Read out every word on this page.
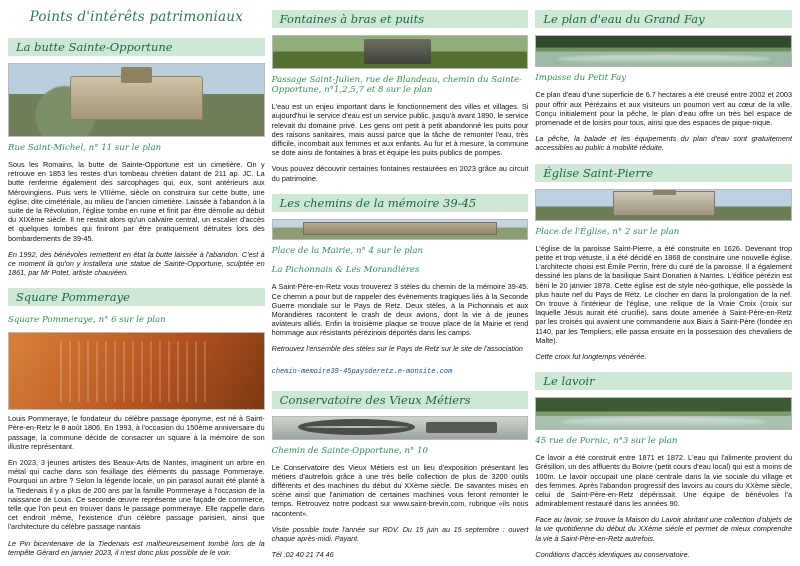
Points d'intérêts patrimoniaux
La butte Sainte-Opportune
Rue Saint-Michel, n° 11 sur le plan

Sous les Romains, la butte de Sainte-Opportune est un cimetière. On y retrouve en 1853 les restes d'un tombeau chrétien datant de 211 ap. JC. La butte renferme également des sarcophages qui, eux, sont antérieurs aux Mérovingiens. Puis vers le VIIIème, siècle on construira sur cette butte, une église, dite cimétériale, au milieu de l'ancien cimetière. Laissée à l'abandon à la suite de la Révolution, l'église tombe en ruine et finit par être démolie au début du XIXème siècle. Il ne restait alors qu'un calvaire central, un escalier d'accès et quelques tombes qui finiront par être pratiquement détruites lors des bombardements de 39-45.

En 1992, des bénévoles remettent en état la butte laissée à l'abandon. C'est à ce moment là qu'on y installera une statue de Sainte-Opportune, sculptée en 1861, par Mr Potet, artiste chauvéen.

Square Pommeraye
Square Pommeraye, n° 6 sur le plan

Louis Pommeraye, le fondateur du célèbre passage éponyme, est né à Saint-Père-en-Retz le 8 août 1806. En 1993, à l'occasion du 150ème anniversaire du passage, la commune décide de consacrer un square à la mémoire de son illustre représentant.

En 2023, 3 jeunes artistes des Beaux-Arts de Nantes, imaginent un arbre en métal qui cache dans son feuillage des éléments du passage Pommeraye. Pourquoi un arbre ? Selon la légende locale, un pin parasol aurait été planté à la Tiedenais il y a plus de 200 ans par la famille Pommeraye à l'occasion de la naissance de Louis. Ce seconde œuvre représente une façade de commerce, telle que l'on peut en trouver dans le passage pommeraye. Elle rappelle dans cet endroit même, l'existence d'un célèbre passage parisien, ainsi que l'architecture du célèbre passage nantais

Le Pin bicentenaire de la Tiedenais est malheureusement tombé lors de la tempête Gérard en janvier 2023, il n'est donc plus possible de le voir.

Fontaines à bras et puits
Passage Saint-Julien, rue de Blandeau, chemin du Sainte-Opportune, n°1,2,5,7 et 8 sur le plan

L'eau est un enjeu important dans le fonctionnement des villes et villages. Si aujourd'hui le service d'eau est un service public, jusqu'à avant 1890, le service relevait du domaine privé. Les gens ont petit à petit abandonné les puits pour des raisons sanitaires, mais aussi parce que la tâche de remonter l'eau, très difficile, incombait aux femmes et aux enfants. Au fur et à mesure, la commune se dote ainsi de fontaines à bras et équipe les puits publics de pompes.

Vous pouvez découvrir certaines fontaines restaurées en 2023 grâce au circuit du patrimoine.

Les chemins de la mémoire 39-45
Place de la Mairie, n° 4 sur le plan
La Pichonnais & Les Morandières

A Saint-Père-en-Retz vous trouverez 3 stèles du chemin de la mémoire 39-45. Ce chemin a pour but de rappeler des évènements tragiques liés à la Seconde Guerre mondiale sur le Pays de Retz. Deux stèles, à la Pichonnais et aux Morandières racontent le crash de deux avions, dont la vie à de jeunes aviateurs alliés. Enfin la troisième plaque se trouve place de la Mairie et rend hommage aux résistants pérézinois déportés dans les camps.

Retrouvez l'ensemble des stèles sur le Pays de Retz sur le site de l'association

chemin-memoire39-45paysderetz.e-monsite.com

Conservatoire des Vieux Métiers
Chemin de Sainte-Opportune, n° 10

Le Conservatoire des Vieux Métiers est un lieu d'exposition présentant les métiers d'autrefois grâce à une très belle collection de plus de 3200 outils différents et des machines du début du XXème siècle. De savantes mises en scène ainsi que l'animation de certaines machines vous feront remonter le temps. Retrouvez notre podcast sur www.saint-brevin.com, rubrique «ils nous racontent».

Visite possible toute l'année sur RDV. Du 15 juin au 15 septembre : ouvert chaque après-midi. Payant.

Tél :02 40 21 74 46

Le plan d'eau du Grand Fay
Impasse du Petit Fay

Ce plan d'eau d'une superficie de 6.7 hectares a été creusé entre 2002 et 2003 pour offrir aux Pérézains et aux visiteurs un poumon vert au cœur de la ville. Conçu initialement pour la pêche, le plan d'eau offre un très bel espace de promenade et de loisirs pour tous, ainsi que des espaces de pique-nique.

La pêche, la balade et les équipements du plan d'eau sont gratuitement accessibles au public à mobilité réduite.

Église Saint-Pierre
Place de l'Église, n° 2 sur le plan

L'église de la paroisse Saint-Pierre, a été construite en 1626. Devenant trop petite et trop vétuste, il a été décidé en 1868 de construire une nouvelle église. L'architecte choisi est Émile Perrin, frère du curé de la paroisse. Il a également dessiné les plans de la basilique Saint Donatien à Nantes. L'édifice pérézin est béni le 20 janvier 1878. Cette église est de style néo-gothique, elle possède la plus haute nef du Pays de Retz. Le clocher en dans la prolongation de la nef. On trouve à l'intérieur de l'église, une relique de la Vraie Croix (croix sur laquelle Jésus aurait été crucifié), sans doute amenée à Saint-Père-en-Retz par les croisés qui avaient une commanderie aux Biais à Saint-Père (fondée en 1140, par les Templiers, elle passa ensuite en la possession des chevaliers de Malte).

Cette croix fut longtemps vénérée.

Le lavoir
45 rue de Pornic, n°3 sur le plan

Ce lavoir a été construit entre 1871 et 1872. L'eau qui l'alimente provient du Grésillon, un des affluents du Boivre (petit cours d'eau local) qui est à moins de 100m. Le lavoir occupait une place centrale dans la vie sociale du village et des femmes. Après l'abandon progressif des lavoirs au cours du XXème siècle, celui de Saint-Père-en-Retz dépérissait. Une équipe de bénévoles l'a admirablement restauré dans les années 90.

Face au lavoir, se trouve la Maison du Lavoir abritant une collection d'objets de la vie quotidienne du début du XXème siècle et permet de mieux comprendre la vie à Saint-Père-en-Retz autrefois.

Conditions d'accès identiques au conservatoire.
